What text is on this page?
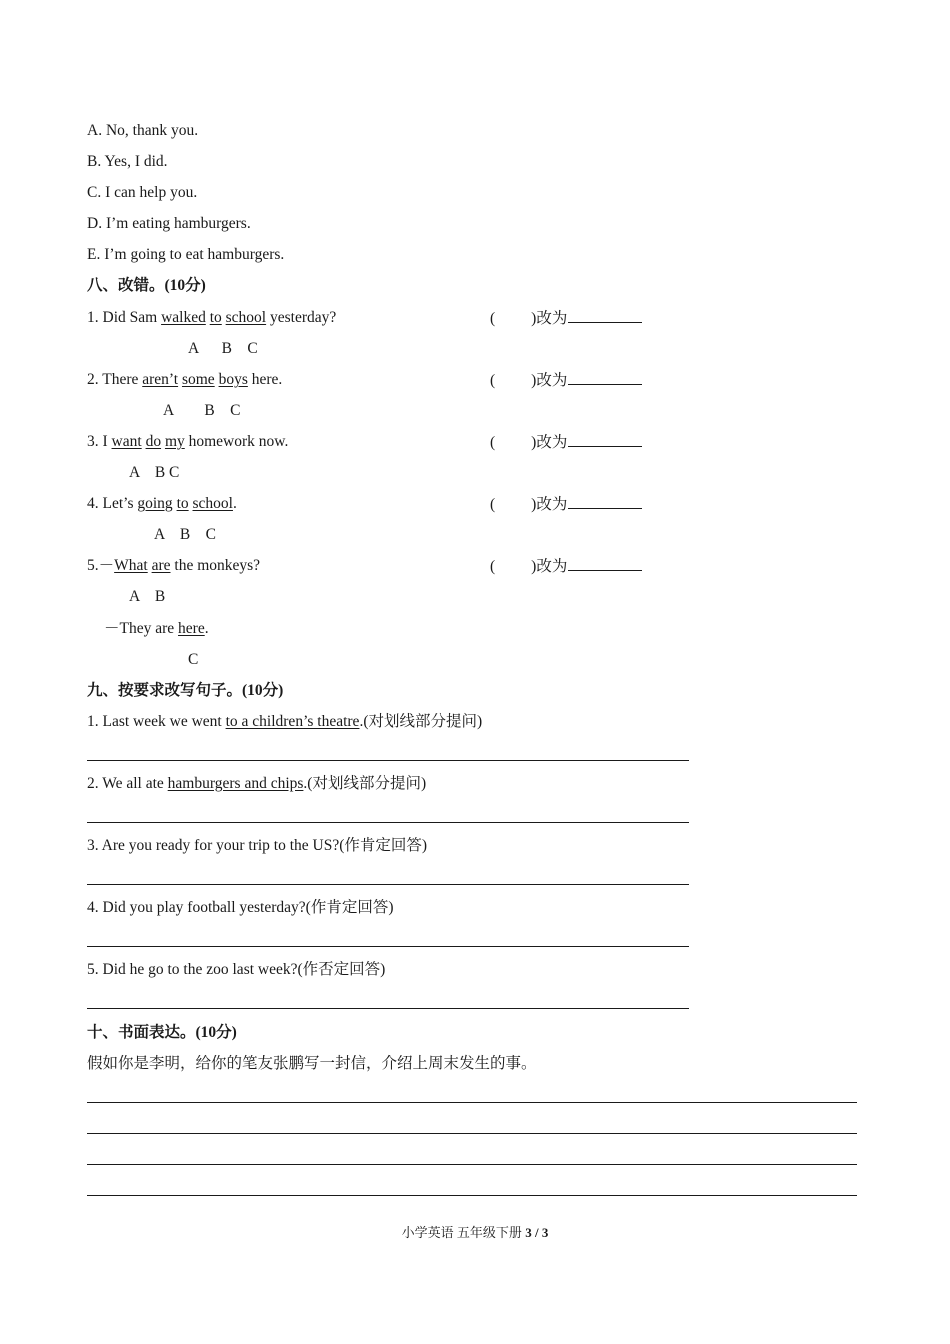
A. No, thank you.
B. Yes, I did.
C. I can help you.
D. I’m eating hamburgers.
E. I’m going to eat hamburgers.
八、改错。(10分)
1. Did Sam walked to school yesterday?	( )改为
A      B    C
2. There aren’t some boys here.	( )改为
A        B    C
3. I want do my homework now.	( )改为
A    B C
4. Let’s going to school.	( )改为
A    B    C
5.－What are the monkeys?	( )改为
A    B
－They are here.
C
九、按要求改写句子。(10分)
1. Last week we went to a children’s theatre.(对划线部分提问)
2. We all ate hamburgers and chips.(对划线部分提问)
3. Are you ready for your trip to the US?(作肯定回答)
4. Did you play football yesterday?(作肯定回答)
5. Did he go to the zoo last week?(作否定回答)
十、书面表达。(10分)
假如你是李明，给你的笔友张鹏写一封信，介绍上周末发生的事。
小学英语 五年级下册 3 / 3
